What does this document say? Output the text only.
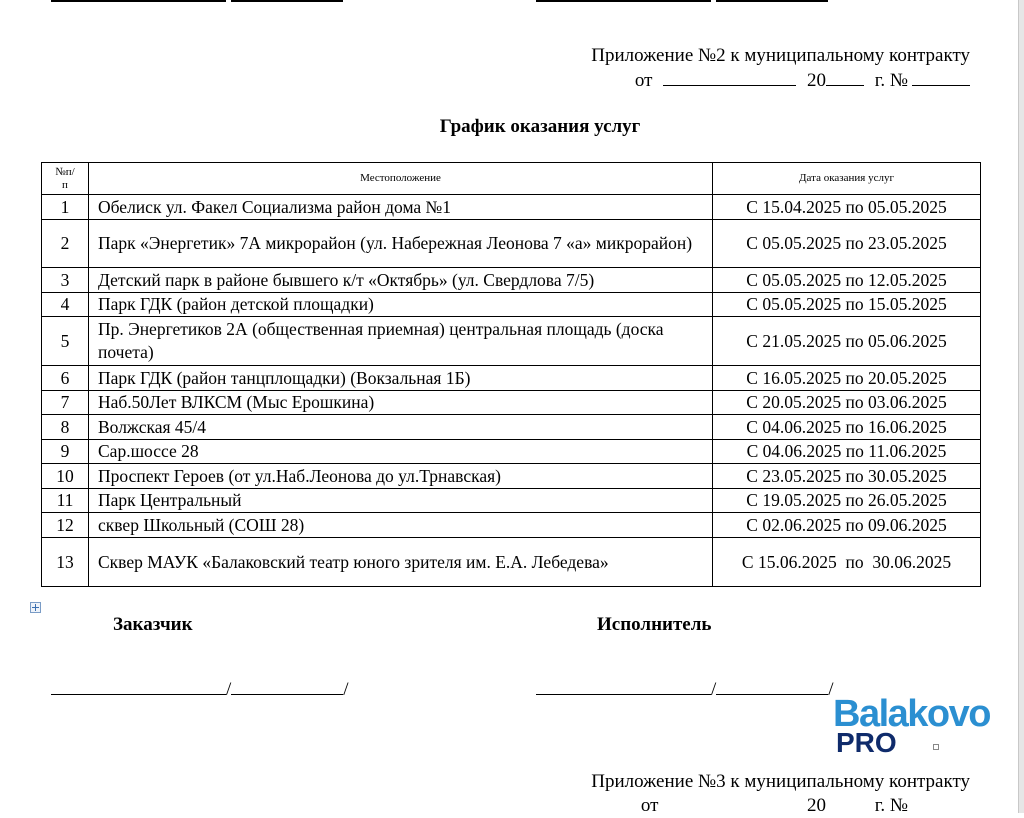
Приложение №2 к муниципальному контракту
от	20	г. №
График оказания услуг
№п/
п	Местоположение	Дата оказания услуг
1	Обелиск ул. Факел Социализма район дома №1	С 15.04.2025 по 05.05.2025
2	Парк «Энергетик» 7А микрорайон (ул. Набережная Леонова 7 «а» микрорайон)	С 05.05.2025 по 23.05.2025
3	Детский парк в районе бывшего к/т «Октябрь» (ул. Свердлова 7/5)	С 05.05.2025 по 12.05.2025
4	Парк ГДК (район детской площадки)	С 05.05.2025 по 15.05.2025
5	Пр. Энергетиков 2А (общественная приемная) центральная площадь (доска почета)	С 21.05.2025 по 05.06.2025
6	Парк ГДК (район танцплощадки) (Вокзальная 1Б)	С 16.05.2025 по 20.05.2025
7	Наб.50Лет ВЛКСМ (Мыс Ерошкина)	С 20.05.2025 по 03.06.2025
8	Волжская 45/4	С 04.06.2025 по 16.06.2025
9	Сар.шоссе 28	С 04.06.2025 по 11.06.2025
10	Проспект Героев (от ул.Наб.Леонова до ул.Трнавская)	С 23.05.2025 по 30.05.2025
11	Парк Центральный	С 19.05.2025 по 26.05.2025
12	сквер Школьный (СОШ 28)	С 02.06.2025 по 09.06.2025
13	Сквер МАУК «Балаковский театр юного зрителя им. Е.А. Лебедева»	С 15.06.2025  по  30.06.2025
Заказчик	Исполнитель
/	/	/	/
Balakovo
PRO
Приложение №3 к муниципальному контракту
от	20	г. №
